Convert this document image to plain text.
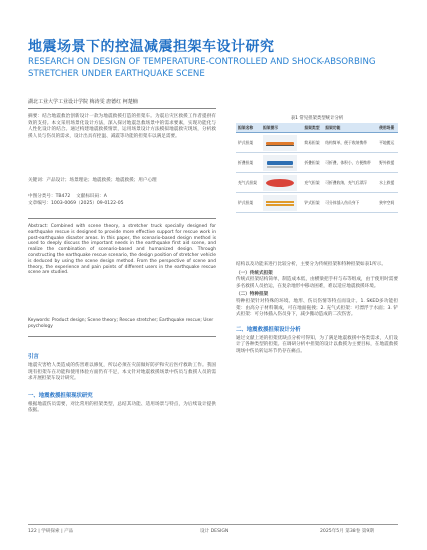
地震场景下的控温减震担架车设计研究
RESEARCH ON DESIGN OF TEMPERATURE-CONTROLLED AND SHOCK-ABSORBING STRETCHER UNDER EARTHQUAKE SCENE
湖北工业大学工业设计学院 梅涛雯 唐德红 柯楚楠
摘要：结合地震救治创新设计一款为地震救援打造的担架车。为震后灾区救援工作者提供有效的支持。本文采用场景化设计方法，深入探讨地震急救场景中的需求要素，实现功能化与人性化设计的结合。通过构建地震救援情景，运用场景设计方法模拟地震救灾现场，分析救援人员与伤员的需求，设计出具有控温、减震等功能的担架车以满足需要。
关键词：产品设计；场景理论；地震救援；地震救援；用户心理
中图分类号：TB472 文献标识码：A
文章编号：1003-0069（2025）09-0122-05
Abstract: Combined with scene theory, a stretcher truck specially designed for earthquake rescue is designed to provide more effective support for rescue work in post-earthquake disaster areas. In this paper, the scenario-based design method is used to deeply discuss the important needs in the earthquake first aid scene, and realize the combination of scenario-based and humanized design. Through constructing the earthquake rescue scenario, the design position of stretcher vehicle is deduced by using the scene design method. From the perspective of scene and theory, the experience and pain points of different users in the earthquake rescue scene are studied.
Keywords: Product design; Scene theory; Rescue stretcher; Earthquake rescue; User psychology
引言
地震灾害给人类造成的伤害难以修复，所以必须在灾前做好防护和灾后医疗救助工作。我国现有担架车在功能和使用体验方面仍有不足，本文针对地震救援场景中伤员与救援人员的需求开展担架车设计研究。
一、地震救援担架现状研究
根据地震伤员需要，对比常用的担架类型，总结其功能、适用场景与特点，为后续设计提供依据。
表1 常见担架类型统计分析
担架名称	担架图示	担架类型	担架功能	使用场景
铲式担架		简易担架	结构简单，便于收纳携带	平地搬运
折叠担架		折叠担架	可折叠，体积小，方便携带	野外救援
充气式担架		充气担架	可折叠收纳，充气后漂浮	水上救援
铲式担架		铲式担架	可分体插入伤员身下	狭窄空间
结构以及功能来进行比较分析，主要分为传统担架和特种担架如表1所示。
（一）传统式担架
传统式担架结构简单，制造成本低，由横梁把手杆与布等组成，由于使用时需要多名救援人员抬运，在复杂地形中移动困难，难以适应地震救援环境。
（二）特种担架
特种担架针对特殊的环境、地形、伤员伤情等特点而设计。1. SKED多功能担架：由高分子材料制成，可在地面拖拽；2. 充气式担架：可漂浮于水面；3. 铲式担架：可分体插入伤员身下，减少搬动造成的二次伤害。
二、地震救援担架设计分析
通过文献上述的担架优缺点分析可得知，为了满足地震救援中各类需求，人们设计了各种类型的担架。在调研分析中担架的设计以救援为主要目标，在地震救援现场中伤员转运环节仍存在痛点。
122 | 学研探索 | 产品	设计 DESIGN	2025年5月 第38卷 第9期
